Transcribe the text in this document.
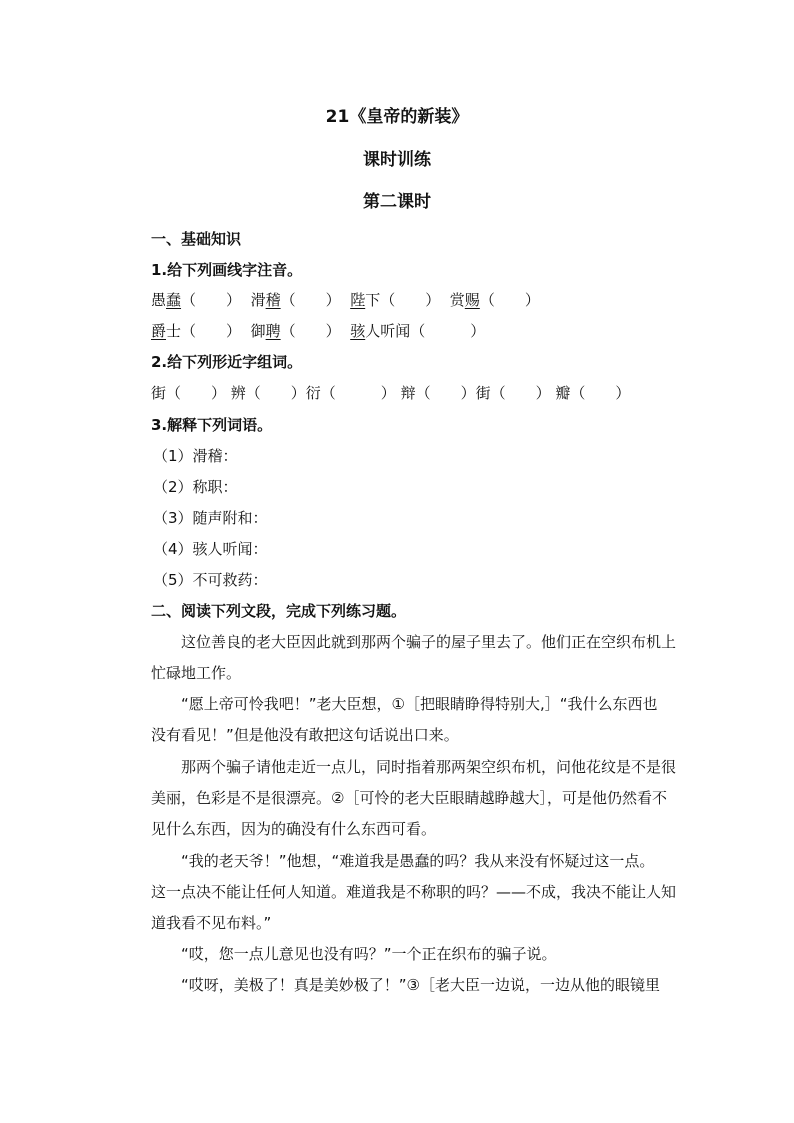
21《皇帝的新装》
课时训练
第二课时
一、基础知识
1.给下列画线字注音。
愚蠢（　　） 滑稽（　　） 陛下（　　） 赏赐（　　）
爵士（　　） 御聘（　　） 骇人听闻（　　　）
2.给下列形近字组词。
街（　　） 辨（　　）衍（　　　） 辩（　　）街（　　） 瓣（　　）
3.解释下列词语。
（1）滑稽：
（2）称职：
（3）随声附和：
（4）骇人听闻：
（5）不可救药：
二、阅读下列文段，完成下列练习题。
　　这位善良的老大臣因此就到那两个骗子的屋子里去了。他们正在空织布机上
忙碌地工作。
　　“愿上帝可怜我吧！”老大臣想，①［把眼睛睁得特别大,］“我什么东西也
没有看见！”但是他没有敢把这句话说出口来。
　　那两个骗子请他走近一点儿，同时指着那两架空织布机，问他花纹是不是很
美丽，色彩是不是很漂亮。②［可怜的老大臣眼睛越睁越大］，可是他仍然看不
见什么东西，因为的确没有什么东西可看。
　　“我的老天爷！”他想，“难道我是愚蠢的吗？我从来没有怀疑过这一点。
这一点决不能让任何人知道。难道我是不称职的吗？——不成，我决不能让人知
道我看不见布料。”
　　“哎，您一点儿意见也没有吗？”一个正在织布的骗子说。
　　“哎呀，美极了！真是美妙极了！”③［老大臣一边说，一边从他的眼镜里
